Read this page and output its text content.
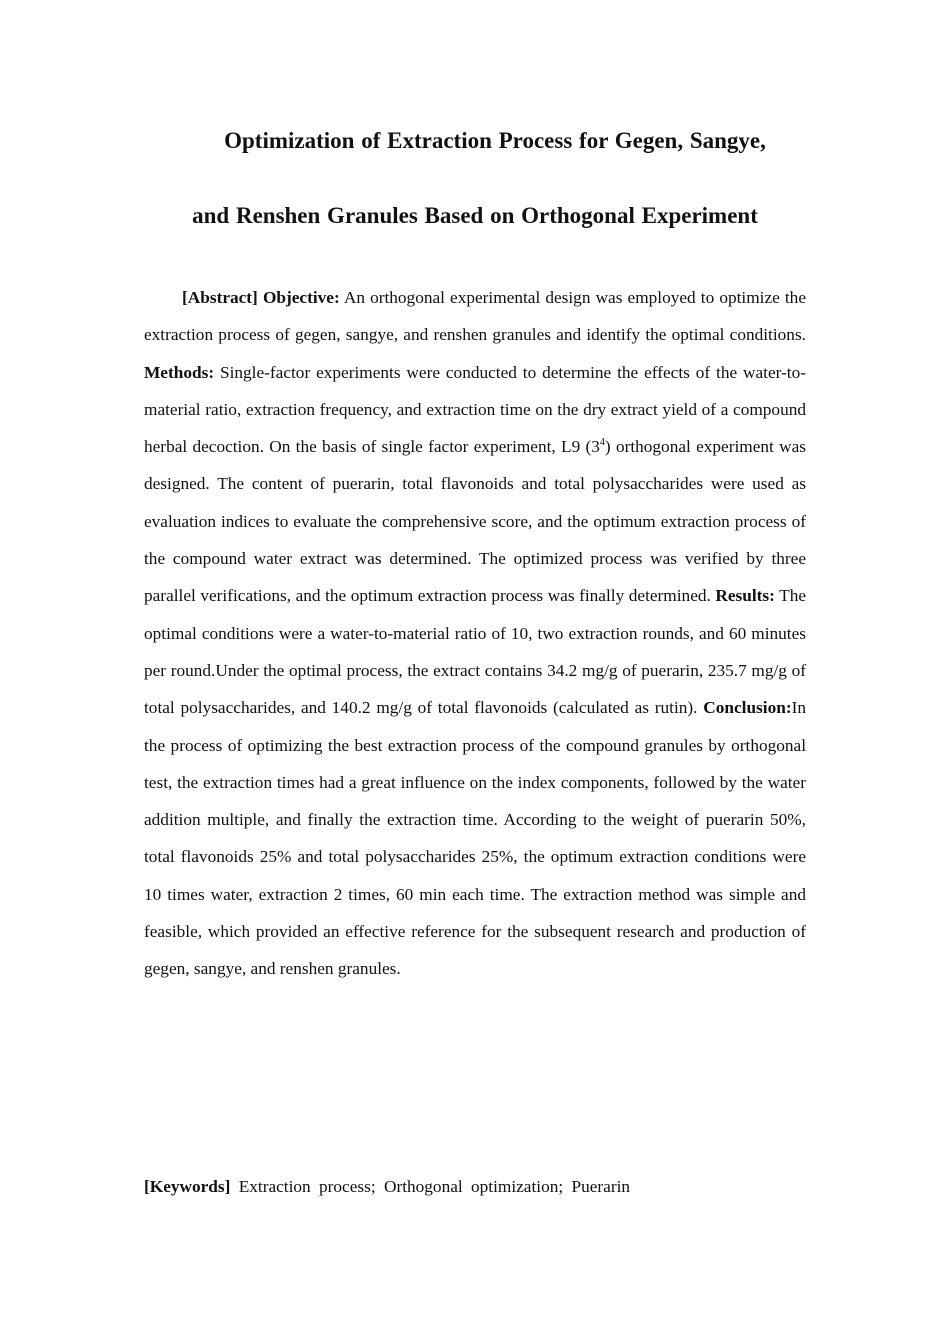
Optimization of Extraction Process for Gegen, Sangye,
and Renshen Granules Based on Orthogonal Experiment

[Abstract] Objective: An orthogonal experimental design was employed to optimize the extraction process of gegen, sangye, and renshen granules and identify the optimal conditions. Methods: Single-factor experiments were conducted to determine the effects of the water-to-material ratio, extraction frequency, and extraction time on the dry extract yield of a compound herbal decoction. On the basis of single factor experiment, L9 $(3^4)$ orthogonal experiment was designed. The content of puerarin, total flavonoids and total polysaccharides were used as evaluation indices to evaluate the comprehensive score, and the optimum extraction process of the compound water extract was determined. The optimized process was verified by three parallel verifications, and the optimum extraction process was finally determined. Results: The optimal conditions were a water-to-material ratio of 10, two extraction rounds, and 60 minutes per round.Under the optimal process, the extract contains 34.2 mg/g of puerarin, 235.7 mg/g of total polysaccharides, and 140.2 mg/g of total flavonoids (calculated as rutin). Conclusion:In the process of optimizing the best extraction process of the compound granules by orthogonal test, the extraction times had a great influence on the index components, followed by the water addition multiple, and finally the extraction time. According to the weight of puerarin 50%, total flavonoids 25% and total polysaccharides 25%, the optimum extraction conditions were 10 times water, extraction 2 times, 60 min each time. The extraction method was simple and feasible, which provided an effective reference for the subsequent research and production of gegen, sangye, and renshen granules.

[Keywords] Extraction process; Orthogonal optimization; Puerarin
